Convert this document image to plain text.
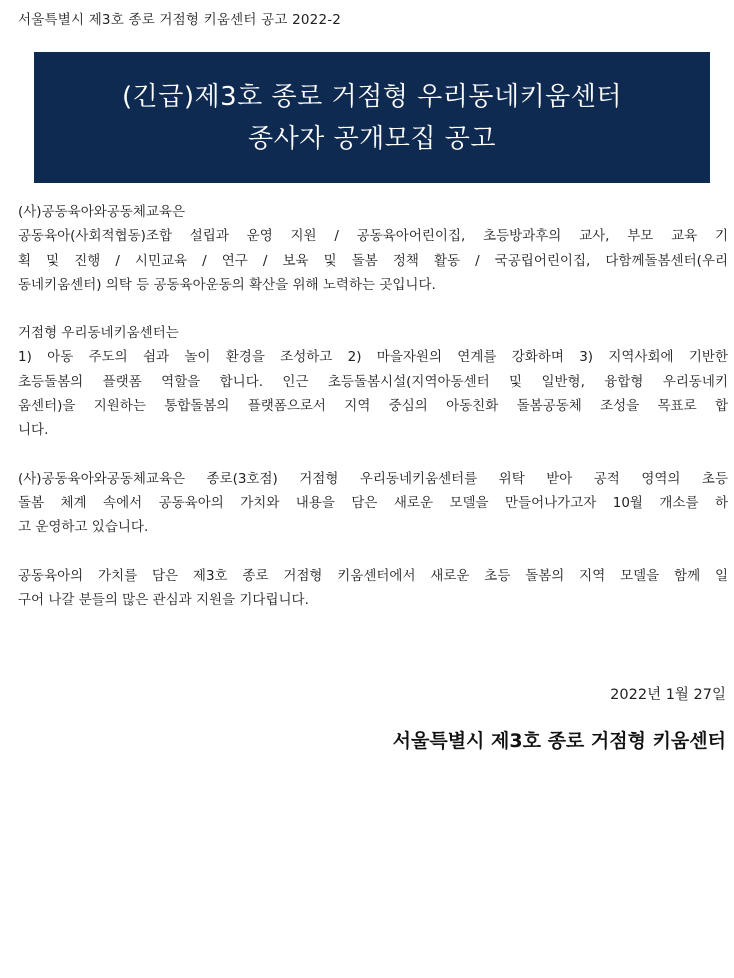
서울특별시 제3호 종로 거점형 키움센터 공고 2022-2
(긴급)제3호 종로 거점형 우리동네키움센터
종사자 공개모집 공고
(사)공동육아와공동체교육은
공동육아(사회적협동)조합 설립과 운영 지원 / 공동육아어린이집, 초등방과후의 교사, 부모 교육 기
획 및 진행 / 시민교육 / 연구 / 보육 및 돌봄 정책 활동 / 국공립어린이집, 다함께돌봄센터(우리
동네키움센터) 의탁 등 공동육아운동의 확산을 위해 노력하는 곳입니다.
거점형 우리동네키움센터는
1) 아동 주도의 쉼과 놀이 환경을 조성하고 2) 마을자원의 연계를 강화하며 3) 지역사회에 기반한
초등돌봄의 플랫폼 역할을 합니다. 인근 초등돌봄시설(지역아동센터 및 일반형, 융합형 우리동네키
움센터)을 지원하는 통합돌봄의 플랫폼으로서 지역 중심의 아동친화 돌봄공동체 조성을 목표로 합
니다.
(사)공동육아와공동체교육은 종로(3호점) 거점형 우리동네키움센터를 위탁 받아 공적 영역의 초등
돌봄 체계 속에서 공동육아의 가치와 내용을 담은 새로운 모델을 만들어나가고자 10월 개소를 하
고 운영하고 있습니다.
공동육아의 가치를 담은 제3호 종로 거점형 키움센터에서 새로운 초등 돌봄의 지역 모델을 함께 일
구어 나갈 분들의 많은 관심과 지원을 기다립니다.
2022년 1월 27일
서울특별시 제3호 종로 거점형 키움센터
